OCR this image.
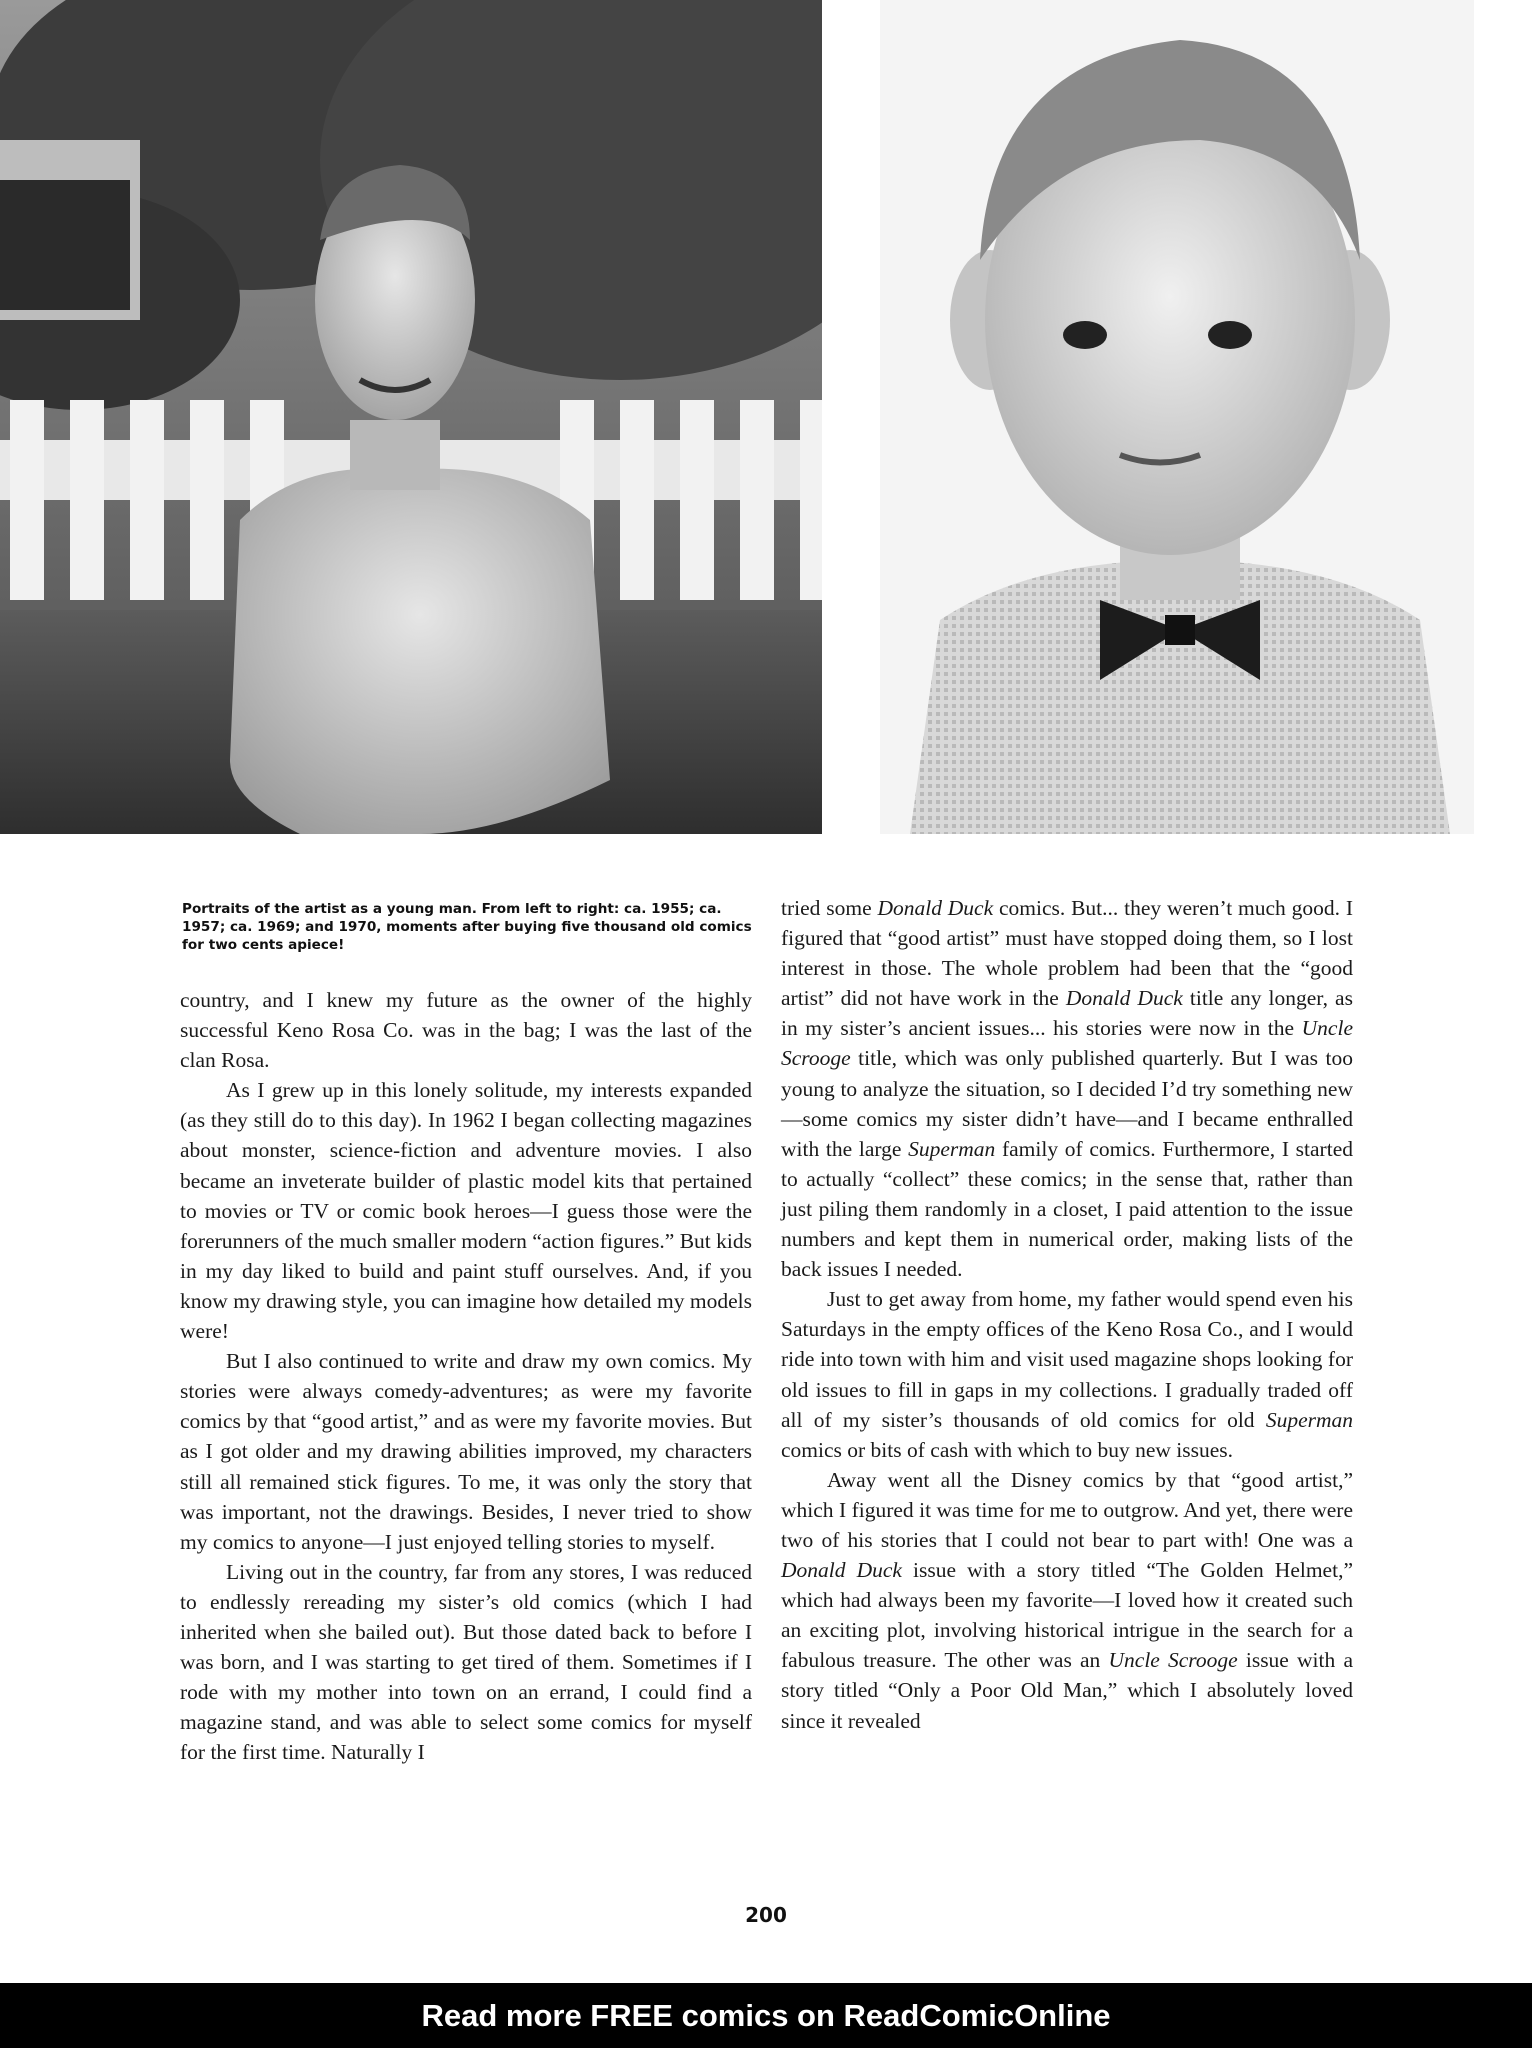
Portraits of the artist as a young man. From left to right: ca. 1955; ca. 1957; ca. 1969; and 1970, moments after buying five thousand old comics for two cents apiece!

country, and I knew my future as the owner of the highly successful Keno Rosa Co. was in the bag; I was the last of the clan Rosa.

As I grew up in this lonely solitude, my interests expanded (as they still do to this day). In 1962 I began collecting magazines about monster, science-fiction and adventure movies. I also became an inveterate builder of plastic model kits that pertained to movies or TV or comic book heroes—I guess those were the forerunners of the much smaller modern “action figures.” But kids in my day liked to build and paint stuff ourselves. And, if you know my drawing style, you can imagine how detailed my models were!

But I also continued to write and draw my own comics. My stories were always comedy-adventures; as were my favorite comics by that “good artist,” and as were my favorite movies. But as I got older and my drawing abilities improved, my characters still all remained stick figures. To me, it was only the story that was important, not the drawings. Besides, I never tried to show my comics to anyone—I just enjoyed telling stories to myself.

Living out in the country, far from any stores, I was reduced to endlessly rereading my sister’s old comics (which I had inherited when she bailed out). But those dated back to before I was born, and I was starting to get tired of them. Sometimes if I rode with my mother into town on an errand, I could find a magazine stand, and was able to select some comics for myself for the first time. Naturally I

tried some Donald Duck comics. But... they weren’t much good. I figured that “good artist” must have stopped doing them, so I lost interest in those. The whole problem had been that the “good artist” did not have work in the Donald Duck title any longer, as in my sister’s ancient issues... his stories were now in the Uncle Scrooge title, which was only published quarterly. But I was too young to analyze the situation, so I decided I’d try something new—some comics my sister didn’t have—and I became enthralled with the large Superman family of comics. Furthermore, I started to actually “collect” these comics; in the sense that, rather than just piling them randomly in a closet, I paid attention to the issue numbers and kept them in numerical order, making lists of the back issues I needed.

Just to get away from home, my father would spend even his Saturdays in the empty offices of the Keno Rosa Co., and I would ride into town with him and visit used magazine shops looking for old issues to fill in gaps in my collections. I gradually traded off all of my sister’s thousands of old comics for old Superman comics or bits of cash with which to buy new issues.

Away went all the Disney comics by that “good artist,” which I figured it was time for me to outgrow. And yet, there were two of his stories that I could not bear to part with! One was a Donald Duck issue with a story titled “The Golden Helmet,” which had always been my favorite—I loved how it created such an exciting plot, involving historical intrigue in the search for a fabulous treasure. The other was an Uncle Scrooge issue with a story titled “Only a Poor Old Man,” which I absolutely loved since it revealed

200
Read more FREE comics on ReadComicOnline
